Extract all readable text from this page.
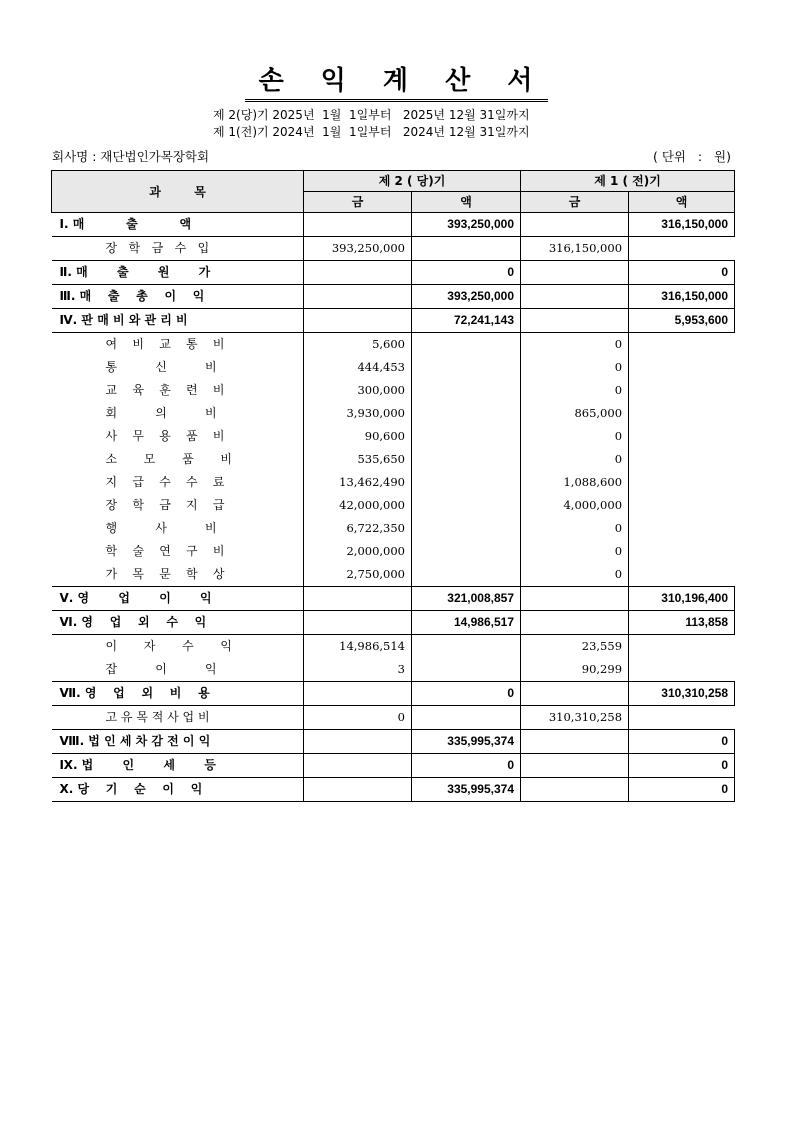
손 익 계 산 서
제 2(당)기 2025년  1월  1일부터   2025년 12월 31일까지
제 1(전)기 2024년  1월  1일부터   2024년 12월 31일까지
회사명 : 재단법인가목장학회	( 단위   :   원)
과        목	제 2 ( 당)기		제 1 ( 전)기	
	금	액	금	액
Ⅰ. 매          출          액		393,250,000		316,150,000
장   학   금   수   입	393,250,000		316,150,000	
Ⅱ. 매       출       원       가		0		0
Ⅲ. 매    출    총    이    익		393,250,000		316,150,000
Ⅳ. 판 매 비 와 관 리 비		72,241,143		5,953,600
여    비    교    통    비	5,600		0	
통          신          비	444,453		0	
교    육    훈    련    비	300,000		0	
회          의          비	3,930,000		865,000	
사    무    용    품    비	90,600		0	
소       모       품       비	535,650		0	
지    급    수    수    료	13,462,490		1,088,600	
장    학    금    지    급	42,000,000		4,000,000	
행          사          비	6,722,350		0	
학    술    연    구    비	2,000,000		0	
가    목    문    학    상	2,750,000		0	
Ⅴ. 영       업       이       익		321,008,857		310,196,400
Ⅵ. 영    업    외    수    익		14,986,517		113,858
이       자       수       익	14,986,514		23,559	
잡          이          익	3		90,299	
Ⅶ. 영    업    외    비    용		0		310,310,258
고 유 목 적 사 업 비	0		310,310,258	
Ⅷ. 법 인 세 차 감 전 이 익		335,995,374		0
Ⅸ. 법       인       세       등		0		0
Ⅹ. 당    기    순    이    익		335,995,374		0
